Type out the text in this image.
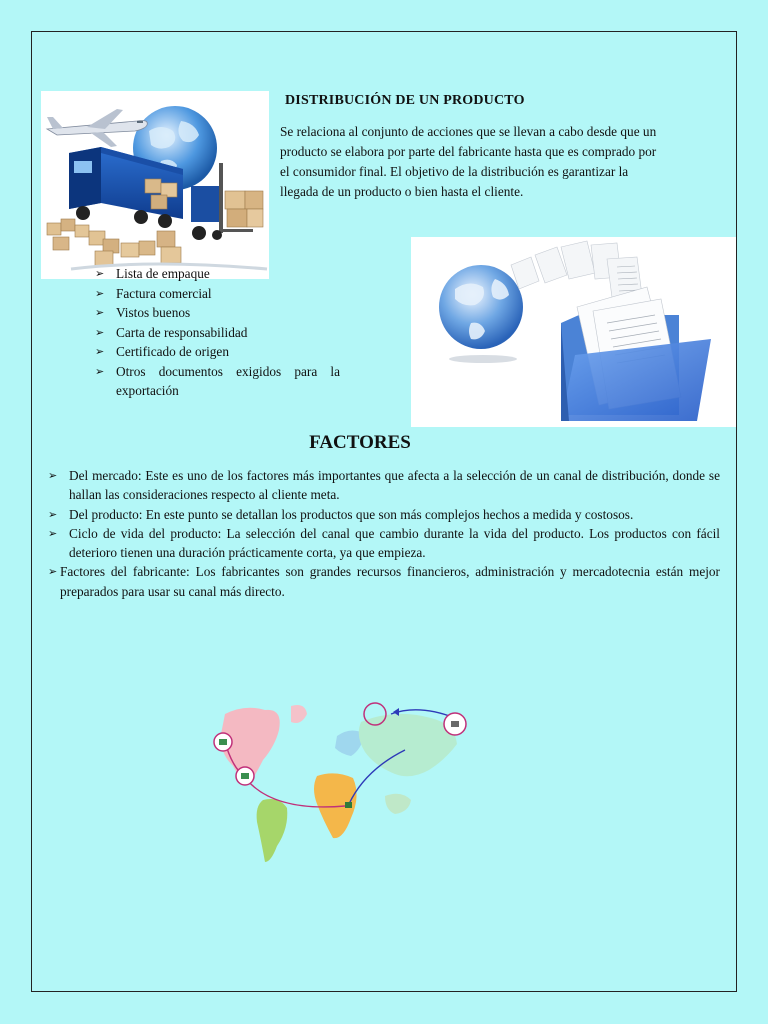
DISTRIBUCIÓN DE UN PRODUCTO
Se relaciona al conjunto de acciones que se llevan a cabo desde que un producto se elabora por parte del fabricante hasta que es comprado por el consumidor final. El objetivo de la distribución es garantizar la llegada de un producto o bien hasta el cliente.
➢ Lista de empaque
➢ Factura comercial
➢ Vistos buenos
➢ Carta de responsabilidad
➢ Certificado de origen
➢ Otros documentos exigidos para la exportación
FACTORES
➢ Del mercado: Este es uno de los factores más importantes que afecta a la selección de un canal de distribución, donde se hallan las consideraciones respecto al cliente meta.
➢ Del producto: En este punto se detallan los productos que son más complejos hechos a medida y costosos.
➢ Ciclo de vida del producto: La selección del canal que cambio durante la vida del producto. Los productos con fácil deterioro tienen una duración prácticamente corta, ya que empieza.
➢ Factores del fabricante: Los fabricantes son grandes recursos financieros, administración y mercadotecnia están mejor preparados para usar su canal más directo.
